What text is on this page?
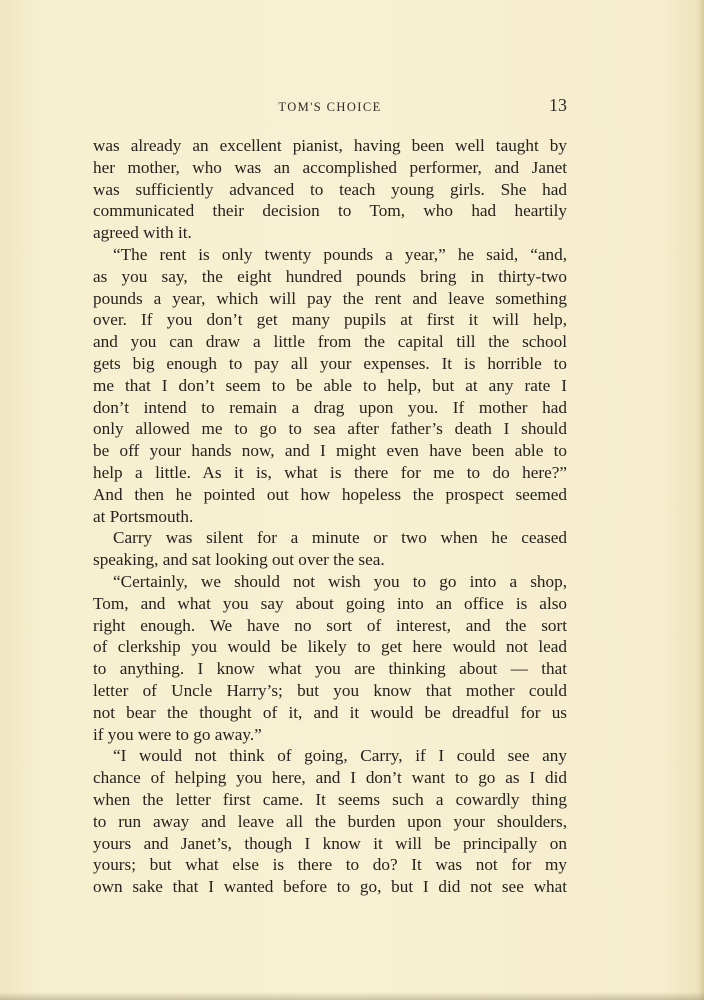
TOM'S CHOICE	13
was already an excellent pianist, having been well taught by
her mother, who was an accomplished performer, and Janet
was sufficiently advanced to teach young girls. She had
communicated their decision to Tom, who had heartily
agreed with it.
“The rent is only twenty pounds a year,” he said, “and,
as you say, the eight hundred pounds bring in thirty-two
pounds a year, which will pay the rent and leave something
over. If you don’t get many pupils at first it will help,
and you can draw a little from the capital till the school
gets big enough to pay all your expenses. It is horrible to
me that I don’t seem to be able to help, but at any rate I
don’t intend to remain a drag upon you. If mother had
only allowed me to go to sea after father’s death I should
be off your hands now, and I might even have been able to
help a little. As it is, what is there for me to do here?”
And then he pointed out how hopeless the prospect seemed
at Portsmouth.
Carry was silent for a minute or two when he ceased
speaking, and sat looking out over the sea.
“Certainly, we should not wish you to go into a shop,
Tom, and what you say about going into an office is also
right enough. We have no sort of interest, and the sort
of clerkship you would be likely to get here would not lead
to anything. I know what you are thinking about — that
letter of Uncle Harry’s; but you know that mother could
not bear the thought of it, and it would be dreadful for us
if you were to go away.”
“I would not think of going, Carry, if I could see any
chance of helping you here, and I don’t want to go as I did
when the letter first came. It seems such a cowardly thing
to run away and leave all the burden upon your shoulders,
yours and Janet’s, though I know it will be principally on
yours; but what else is there to do? It was not for my
own sake that I wanted before to go, but I did not see what
